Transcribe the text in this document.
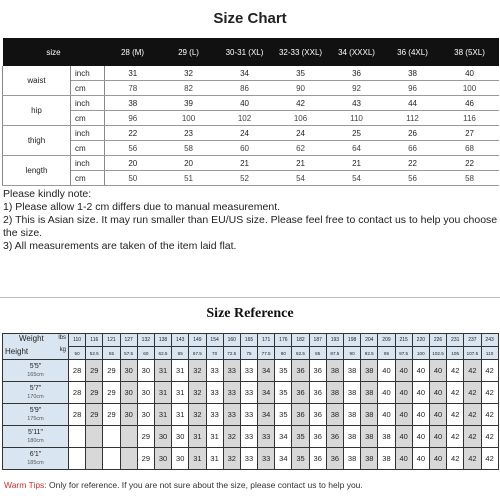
Size Chart
size		28 (M)	29 (L)	30-31 (XL)	32-33 (XXL)	34 (XXXL)	36 (4XL)	38 (5XL)
waist	inch	31	32	34	35	36	38	40
	cm	78	82	86	90	92	96	100
hip	inch	38	39	40	42	43	44	46
	cm	96	100	102	106	110	112	116
thigh	inch	22	23	24	24	25	26	27
	cm	56	58	60	62	64	66	68
length	inch	20	20	21	21	21	22	22
	cm	50	51	52	54	54	56	58
Please kindly note:
1) Please allow 1-2 cm differs due to manual measurement.
2) This is Asian size. It may run smaller than EU/US size. Please feel free to contact us to help you choose the size.
3) All measurements are taken of the item laid flat.
Size Reference
Weight lbs
Height kg	110	116	121	127	132	138	143	149	154	160	165	171	176	182	187	193	198	204	209	215	220	226	231	237	243
	50	52.5	55	57.5	60	62.5	65	67.5	70	72.5	75	77.5	80	82.5	85	87.5	90	92.5	95	97.5	100	102.5	105	107.5	110

5'5"
165cm	28	29	29	30	30	31	31	32	33	33	33	34	35	36	36	38	38	38	40	40	40	40	42	42	42

5'7"
170cm	28	29	29	30	30	31	31	32	33	33	33	34	35	36	36	38	38	38	40	40	40	40	42	42	42

5'9"
175cm	28	29	29	30	30	31	31	32	33	33	33	34	35	36	36	38	38	38	40	40	40	40	42	42	42

5'11"
180cm					29	30	30	31	31	32	33	33	34	35	36	36	38	38	38	40	40	40	42	42	42

6'1"
185cm					29	30	30	31	31	32	33	33	34	35	36	36	38	38	38	40	40	40	42	42	42
Warm Tips: Only for reference. If you are not sure about the size, please contact us to help you.
